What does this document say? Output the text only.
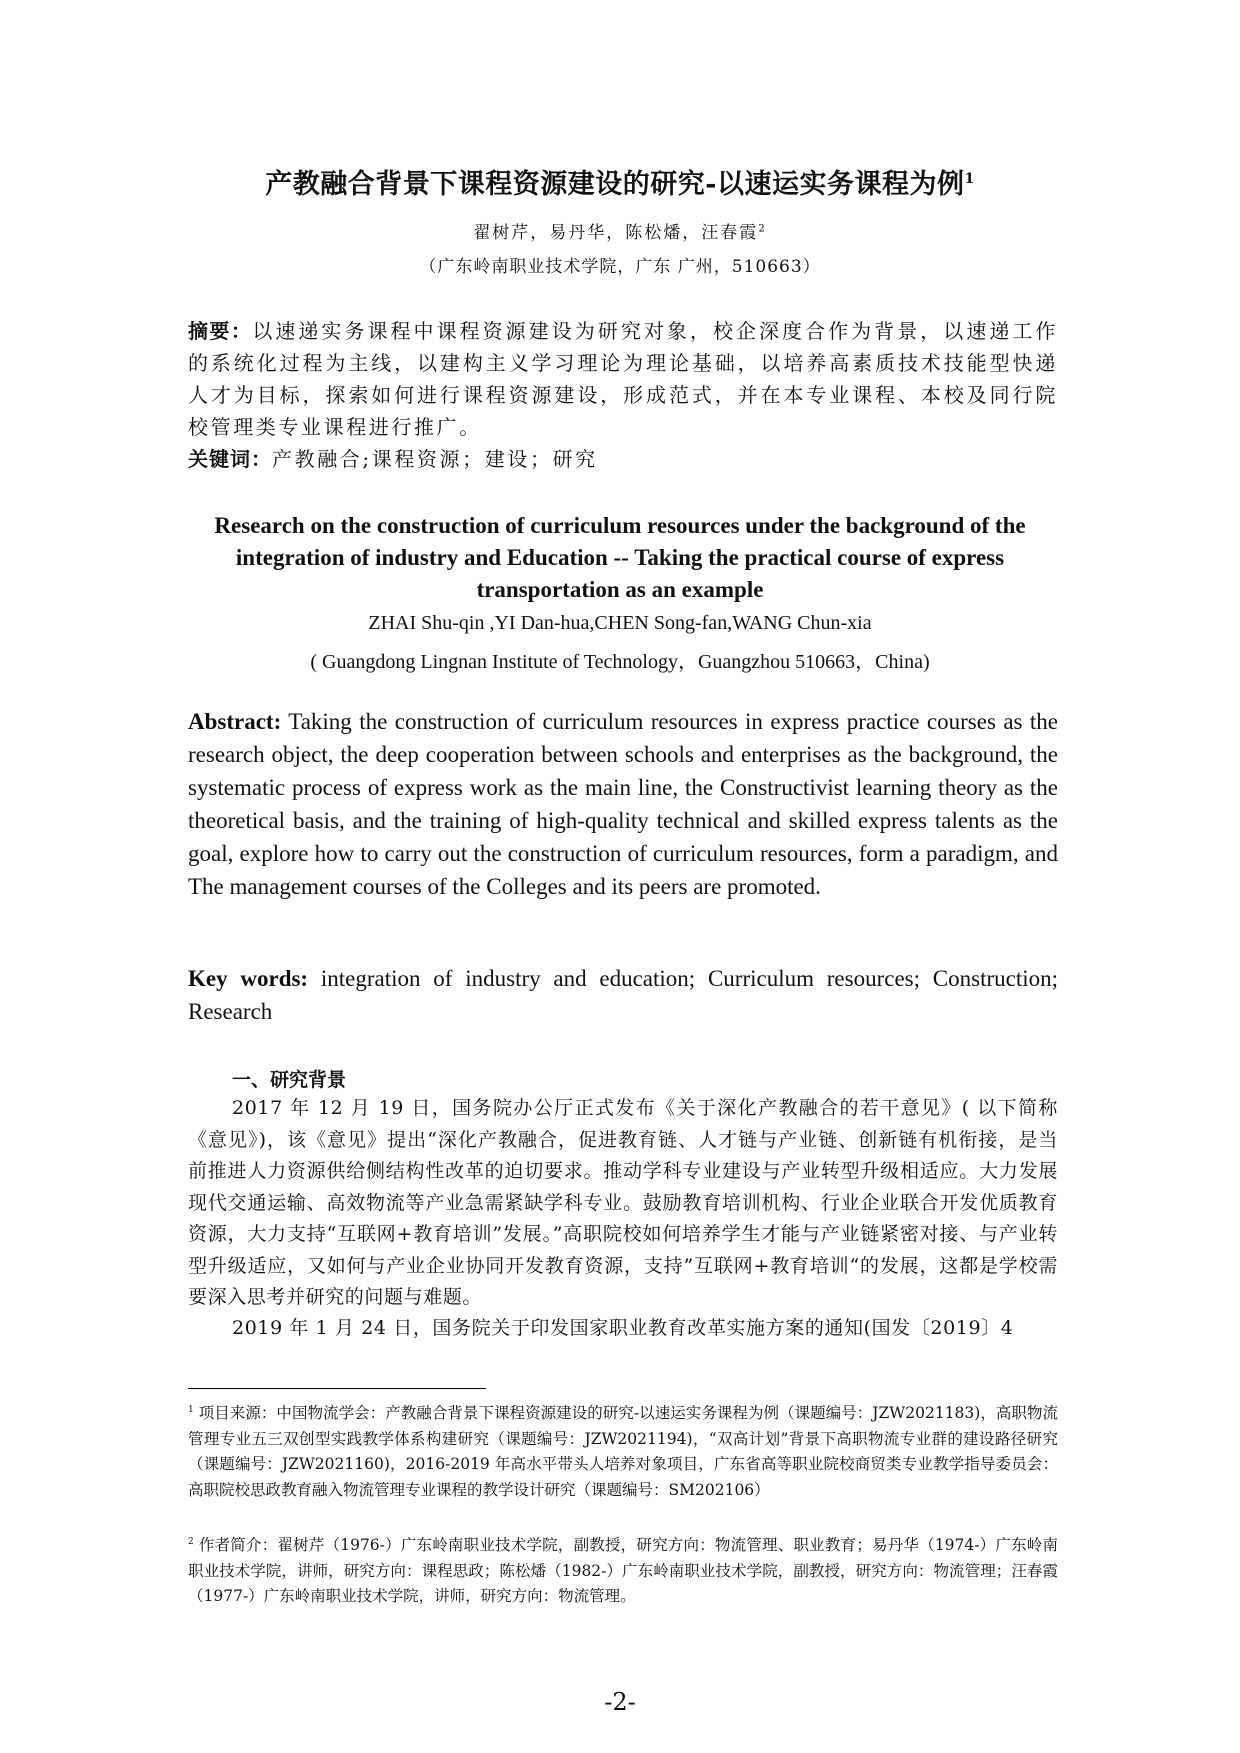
产教融合背景下课程资源建设的研究-以速运实务课程为例$^1$
翟树芹，易丹华，陈松燔，汪春霞$^2$
（广东岭南职业技术学院，广东 广州，510663）
摘要：以速递实务课程中课程资源建设为研究对象，校企深度合作为背景，以速递工作的系统化过程为主线，以建构主义学习理论为理论基础，以培养高素质技术技能型快递人才为目标，探索如何进行课程资源建设，形成范式，并在本专业课程、本校及同行院校管理类专业课程进行推广。
关键词：产教融合;课程资源；建设；研究
Research on the construction of curriculum resources under the background of the integration of industry and Education -- Taking the practical course of express transportation as an example
ZHAI Shu-qin ,YI Dan-hua,CHEN Song-fan,WANG Chun-xia
( Guangdong Lingnan Institute of Technology，Guangzhou 510663，China)
Abstract: Taking the construction of curriculum resources in express practice courses as the research object, the deep cooperation between schools and enterprises as the background, the systematic process of express work as the main line, the Constructivist learning theory as the theoretical basis, and the training of high-quality technical and skilled express talents as the goal, explore how to carry out the construction of curriculum resources, form a paradigm, and The management courses of the Colleges and its peers are promoted.
Key words: integration of industry and education; Curriculum resources; Construction; Research
一、研究背景
2017 年 12 月 19 日，国务院办公厅正式发布《关于深化产教融合的若干意见》( 以下简称《意见》)，该《意见》提出“深化产教融合，促进教育链、人才链与产业链、创新链有机衔接，是当前推进人力资源供给侧结构性改革的迫切要求。推动学科专业建设与产业转型升级相适应。大力发展现代交通运输、高效物流等产业急需紧缺学科专业。鼓励教育培训机构、行业企业联合开发优质教育资源，大力支持“互联网+教育培训”发展。”高职院校如何培养学生才能与产业链紧密对接、与产业转型升级适应，又如何与产业企业协同开发教育资源，支持”互联网+教育培训“的发展，这都是学校需要深入思考并研究的问题与难题。
2019 年 1 月 24 日，国务院关于印发国家职业教育改革实施方案的通知(国发〔2019〕4
$^1$ 项目来源：中国物流学会：产教融合背景下课程资源建设的研究-以速运实务课程为例（课题编号：JZW2021183)，高职物流管理专业五三双创型实践教学体系构建研究（课题编号：JZW2021194)，“双高计划”背景下高职物流专业群的建设路径研究（课题编号：JZW2021160)，2016-2019 年高水平带头人培养对象项目，广东省高等职业院校商贸类专业教学指导委员会：高职院校思政教育融入物流管理专业课程的教学设计研究（课题编号：SM202106）
$^2$ 作者简介：翟树芹（1976-）广东岭南职业技术学院，副教授，研究方向：物流管理、职业教育；易丹华（1974-）广东岭南职业技术学院，讲师，研究方向：课程思政；陈松燔（1982-）广东岭南职业技术学院，副教授，研究方向：物流管理；汪春霞（1977-）广东岭南职业技术学院，讲师，研究方向：物流管理。
-2-
